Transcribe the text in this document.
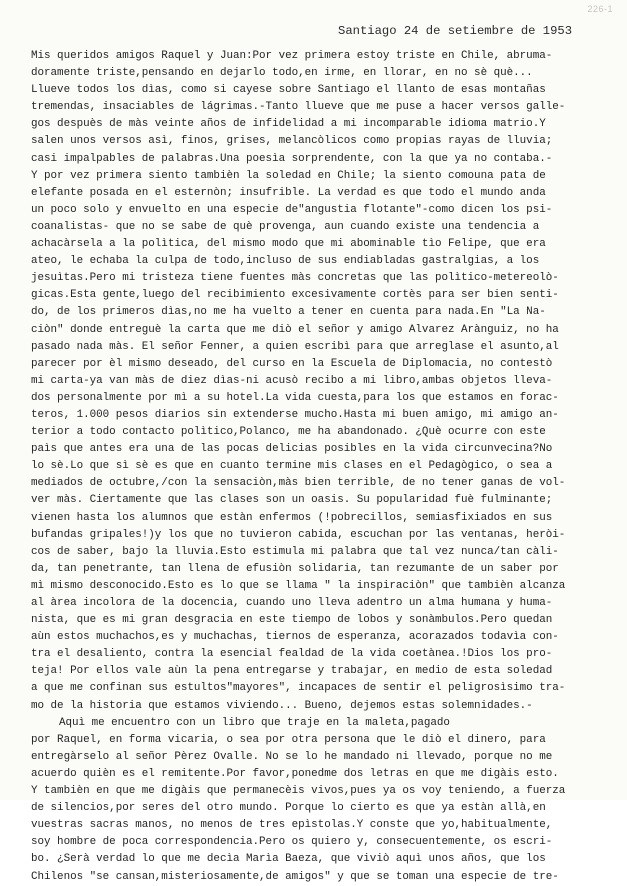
226-1
Santiago 24 de setiembre de 1953
Mis queridos amigos Raquel y Juan:Por vez primera estoy triste en Chile, abruma-
doramente triste,pensando en dejarlo todo,en irme, en llorar, en no sè què...
Llueve todos los dìas, como si cayese sobre Santiago el llanto de esas montañas
tremendas, insaciables de lágrimas.-Tanto llueve que me puse a hacer versos galle-
gos despuès de màs veinte años de infidelidad a mi incomparable idioma matrio.Y
salen unos versos asì, finos, grises, melancòlicos como propias rayas de lluvia;
casi impalpables de palabras.Una poesìa sorprendente, con la que ya no contaba.-
Y por vez primera siento tambièn la soledad en Chile; la siento comouna pata de
elefante posada en el esternòn; insufrible. La verdad es que todo el mundo anda
un poco solo y envuelto en una especie de"angustia flotante"-como dicen los psi-
coanalistas- que no se sabe de què provenga, aun cuando existe una tendencia a
achacàrsela a la polìtica, del mismo modo que mi abominable tìo Felipe, que era
ateo, le echaba la culpa de todo,incluso de sus endiabladas gastralgias, a los
jesuìtas.Pero mi tristeza tiene fuentes màs concretas que las polìtico-metereolò-
gicas.Esta gente,luego del recibimiento excesivamente cortès para ser bien senti-
do, de los primeros dìas,no me ha vuelto a tener en cuenta para nada.En "La Na-
ciòn" donde entreguè la carta que me diò el señor y amigo Alvarez Arànguiz, no ha
pasado nada màs. El señor Fenner, a quien escribì para que arreglase el asunto,al
parecer por èl mismo deseado, del curso en la Escuela de Diplomacia, no contestò
mi carta-ya van màs de diez dìas-ni acusò recibo a mi libro,ambas objetos lleva-
dos personalmente por mì a su hotel.La vida cuesta,para los que estamos en forac-
teros, 1.000 pesos diarios sin extenderse mucho.Hasta mi buen amigo, mi amigo an-
terior a todo contacto polìtico,Polanco, me ha abandonado. ¿Què ocurre con este
paìs que antes era una de las pocas delicias posibles en la vida circunvecina?No
lo sè.Lo que sì sè es que en cuanto termine mis clases en el Pedagògico, o sea a
mediados de octubre,/con la sensaciòn,màs bien terrible, de no tener ganas de vol-
ver màs. Ciertamente que las clases son un oasis. Su popularidad fuè fulminante;
vienen hasta los alumnos que estàn enfermos (!pobrecillos, semiasfixiados en sus
bufandas gripales!)y los que no tuvieron cabida, escuchan por las ventanas, heròi-
cos de saber, bajo la lluvia.Esto estimula mi palabra que tal vez nunca/tan càli-
da, tan penetrante, tan llena de efusiòn solidaria, tan rezumante de un saber por
mì mismo desconocido.Esto es lo que se llama " la inspiraciòn" que tambièn alcanza
al àrea incolora de la docencia, cuando uno lleva adentro un alma humana y huma-
nista, que es mi gran desgracia en este tiempo de lobos y sonàmbulos.Pero quedan
aùn estos muchachos,es y muchachas, tiernos de esperanza, acorazados todavìa con-
tra el desaliento, contra la esencial fealdad de la vida coetànea.!Dios los pro-
teja! Por ellos vale aùn la pena entregarse y trabajar, en medio de esta soledad
a que me confinan sus estultos"mayores", incapaces de sentir el peligrosìsimo tra-
mo de la historia que estamos viviendo... Bueno, dejemos estas solemnidades.-
Aquì me encuentro con un libro que traje en la maleta,pagado
por Raquel, en forma vicaria, o sea por otra persona que le diò el dinero, para
entregàrselo al señor Pèrez Ovalle. No se lo he mandado ni llevado, porque no me
acuerdo quièn es el remitente.Por favor,ponedme dos letras en que me digàis esto.
Y tambièn en que me digàis que permanecèis vivos,pues ya os voy teniendo, a fuerza
de silencios,por seres del otro mundo. Porque lo cierto es que ya estàn allà,en
vuestras sacras manos, no menos de tres epìstolas.Y conste que yo,habitualmente,
soy hombre de poca correspondencia.Pero os quiero y, consecuentemente, os escri-
bo. ¿Serà verdad lo que me decìa Marìa Baeza, que viviò aquì unos años, que los
Chilenos "se cansan,misteriosamente,de amigos" y que se toman una especie de tre-
